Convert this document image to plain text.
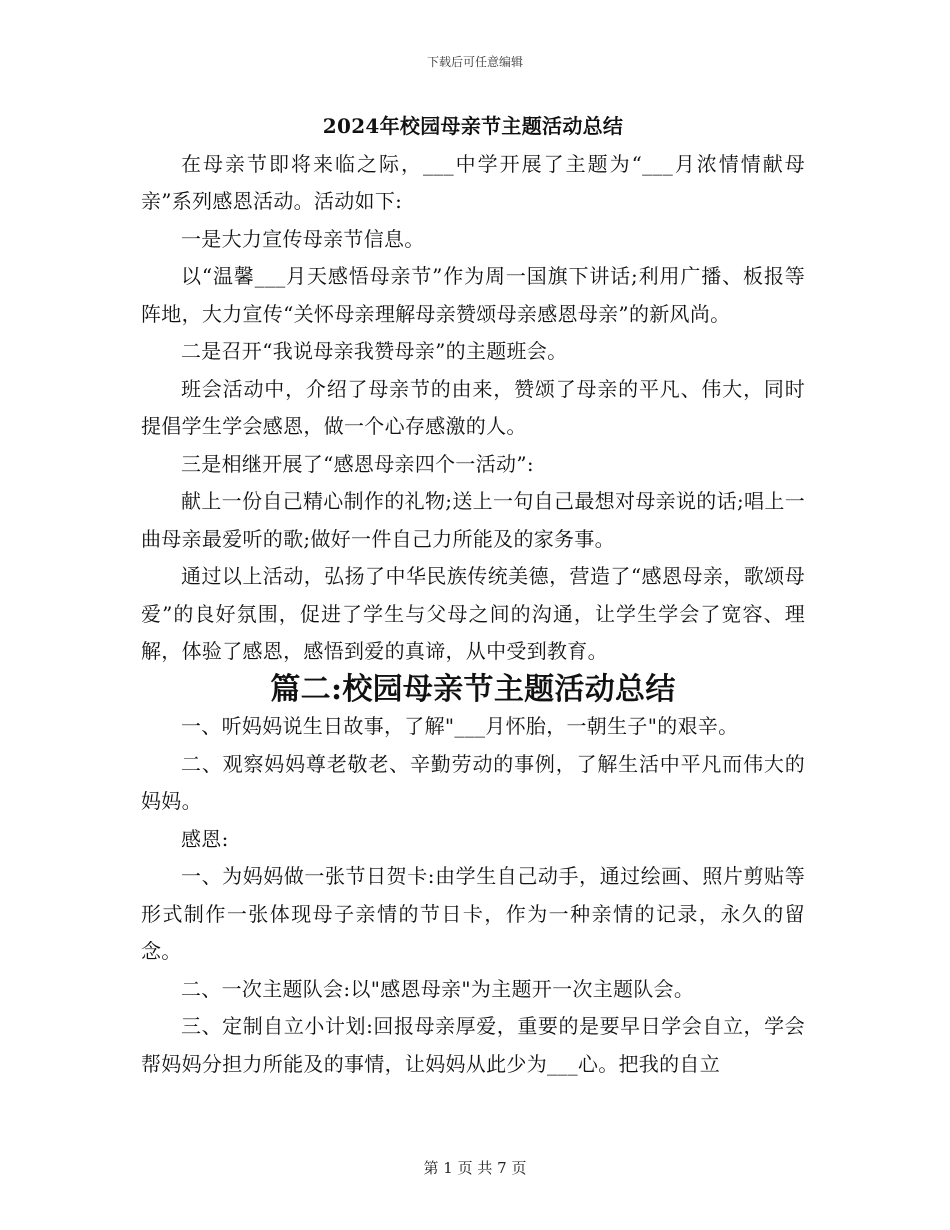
下载后可任意编辑
2024年校园母亲节主题活动总结

在母亲节即将来临之际，___中学开展了主题为“___月浓情情献母亲”系列感恩活动。活动如下:

一是大力宣传母亲节信息。

以“温馨___月天感悟母亲节”作为周一国旗下讲话;利用广播、板报等阵地，大力宣传“关怀母亲理解母亲赞颂母亲感恩母亲”的新风尚。

二是召开“我说母亲我赞母亲”的主题班会。

班会活动中，介绍了母亲节的由来，赞颂了母亲的平凡、伟大，同时提倡学生学会感恩，做一个心存感激的人。

三是相继开展了“感恩母亲四个一活动”:

献上一份自己精心制作的礼物;送上一句自己最想对母亲说的话;唱上一曲母亲最爱听的歌;做好一件自己力所能及的家务事。

通过以上活动，弘扬了中华民族传统美德，营造了“感恩母亲，歌颂母爱”的良好氛围，促进了学生与父母之间的沟通，让学生学会了宽容、理解，体验了感恩，感悟到爱的真谛，从中受到教育。

篇二:校园母亲节主题活动总结

一、听妈妈说生日故事，了解"___月怀胎，一朝生子"的艰辛。

二、观察妈妈尊老敬老、辛勤劳动的事例，了解生活中平凡而伟大的妈妈。

感恩:

一、为妈妈做一张节日贺卡:由学生自己动手，通过绘画、照片剪贴等形式制作一张体现母子亲情的节日卡，作为一种亲情的记录，永久的留念。

二、一次主题队会:以"感恩母亲"为主题开一次主题队会。

三、定制自立小计划:回报母亲厚爱，重要的是要早日学会自立，学会帮妈妈分担力所能及的事情，让妈妈从此少为___心。把我的自立

第 1 页 共 7 页
